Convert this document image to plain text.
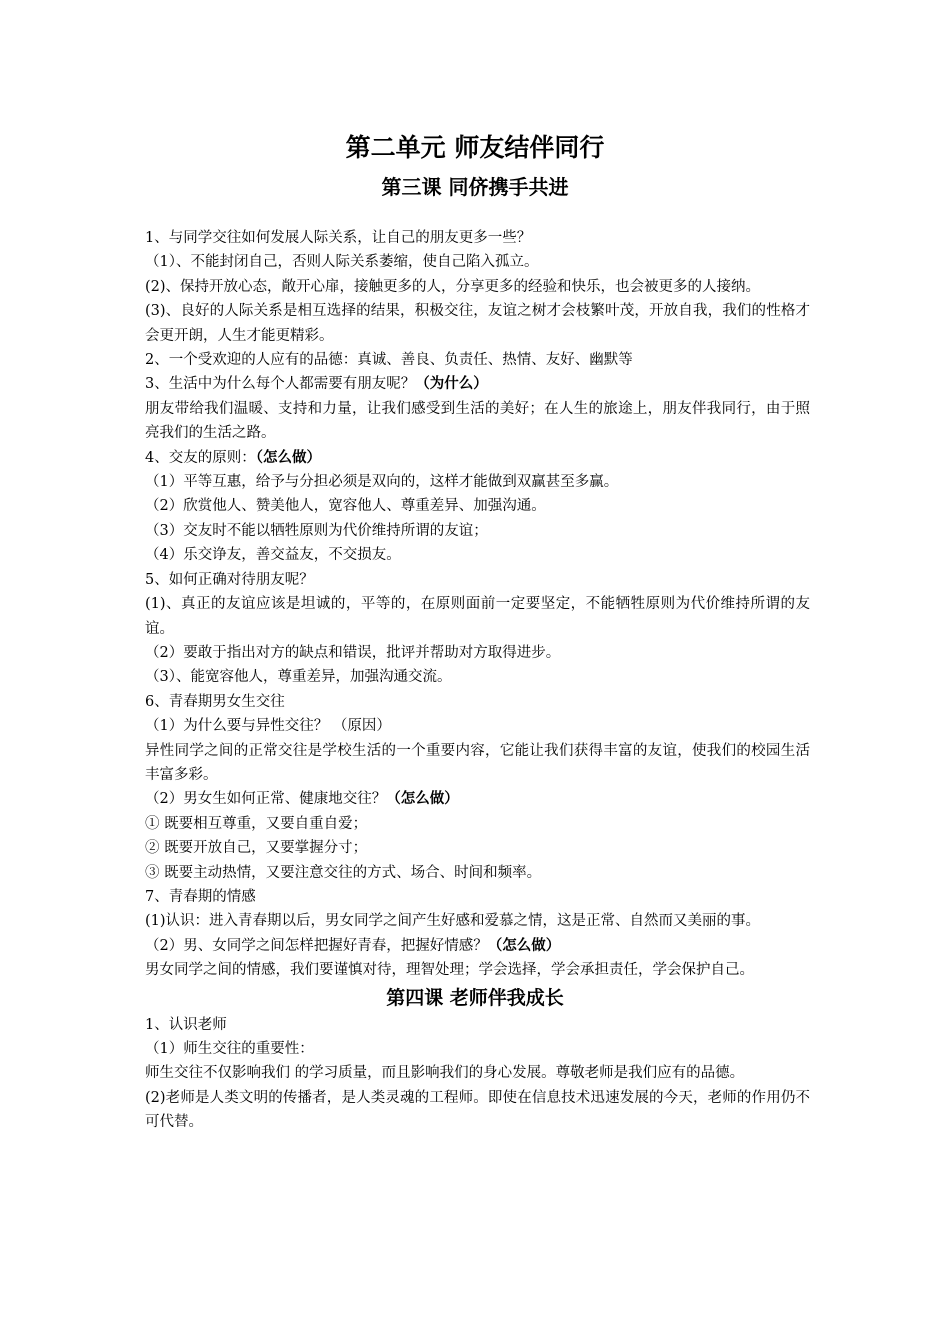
第二单元 师友结伴同行
第三课 同侪携手共进

1、与同学交往如何发展人际关系，让自己的朋友更多一些？

（1）、不能封闭自己，否则人际关系萎缩，使自己陷入孤立。

(2)、保持开放心态，敞开心扉，接触更多的人，分享更多的经验和快乐，也会被更多的人接纳。

(3)、良好的人际关系是相互选择的结果，积极交往，友谊之树才会枝繁叶茂，开放自我，我们的性格才会更开朗，人生才能更精彩。

2、一个受欢迎的人应有的品德：真诚、善良、负责任、热情、友好、幽默等

3、生活中为什么每个人都需要有朋友呢？（为什么）

朋友带给我们温暖、支持和力量，让我们感受到生活的美好；在人生的旅途上，朋友伴我同行，由于照亮我们的生活之路。

4、交友的原则：（怎么做）

（1）平等互惠，给予与分担必须是双向的，这样才能做到双赢甚至多赢。

（2）欣赏他人、赞美他人，宽容他人、尊重差异、加强沟通。

（3）交友时不能以牺牲原则为代价维持所谓的友谊；

（4）乐交诤友，善交益友，不交损友。

5、如何正确对待朋友呢？

(1)、真正的友谊应该是坦诚的，平等的，在原则面前一定要坚定，不能牺牲原则为代价维持所谓的友谊。

（2）要敢于指出对方的缺点和错误，批评并帮助对方取得进步。

（3）、能宽容他人，尊重差异，加强沟通交流。

6、青春期男女生交往

（1）为什么要与异性交往？ （原因）

异性同学之间的正常交往是学校生活的一个重要内容，它能让我们获得丰富的友谊，使我们的校园生活丰富多彩。

（2）男女生如何正常、健康地交往？（怎么做）

① 既要相互尊重，又要自重自爱；

② 既要开放自己，又要掌握分寸；

③ 既要主动热情，又要注意交往的方式、场合、时间和频率。

7、青春期的情感

(1)认识：进入青春期以后，男女同学之间产生好感和爱慕之情，这是正常、自然而又美丽的事。

（2）男、女同学之间怎样把握好青春，把握好情感？（怎么做）

男女同学之间的情感，我们要谨慎对待，理智处理；学会选择，学会承担责任，学会保护自己。

第四课 老师伴我成长

1、认识老师

（1）师生交往的重要性：

师生交往不仅影响我们 的学习质量，而且影响我们的身心发展。尊敬老师是我们应有的品德。

(2)老师是人类文明的传播者，是人类灵魂的工程师。即使在信息技术迅速发展的今天，老师的作用仍不可代替。
